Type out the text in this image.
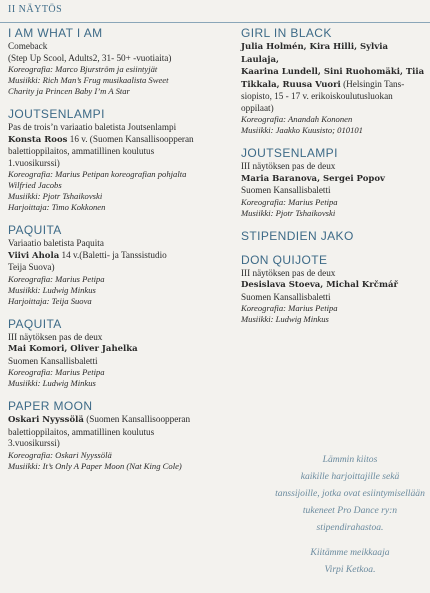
II NÄYTÖS
I AM WHAT I AM
Comeback
(Step Up Scool, Adults2, 31- 50+ -vuotiaita)
Koreografia: Marco Bjurström ja esiintyjät
Musiikki: Rich Man’s Frug musikaalista Sweet
Charity ja Princen Baby I’m A Star
JOUTSENLAMPI
Pas de trois’n variaatio baletista Joutsenlampi
Konsta Roos 16 v. (Suomen Kansallisoopperan
balettioppilaitos, ammatillinen koulutus
1.vuosikurssi)
Koreografia: Marius Petipan koreografian pohjalta
Wilfried Jacobs
Musiikki: Pjotr Tshaikovski
Harjoittaja: Timo Kokkonen
PAQUITA
Variaatio baletista Paquita
Viivi Ahola 14 v.(Baletti- ja Tanssistudio
Teija Suova)
Koreografia: Marius Petipa
Musiikki: Ludwig Minkus
Harjoittaja: Teija Suova
PAQUITA
III näytöksen pas de deux
Mai Komori, Oliver Jahelka
Suomen Kansallisbaletti
Koreografia: Marius Petipa
Musiikki: Ludwig Minkus
PAPER MOON
Oskari Nyyssölä (Suomen Kansallisoopperan
balettioppilaitos, ammatillinen koulutus
3.vuosikurssi)
Koreografia: Oskari Nyyssölä
Musiikki: It’s Only A Paper Moon (Nat King Cole)
GIRL IN BLACK
Julia Holmén, Kira Hilli, Sylvia Laulaja,
Kaarina Lundell, Sini Ruohomäki, Tiia
Tikkala, Ruusa Vuori (Helsingin Tans-
siopisto, 15 - 17 v. erikoiskoulutusluokan
oppilaat)
Koreografia: Anandah Kononen
Musiikki: Jaakko Kuusisto; 010101
JOUTSENLAMPI
III näytöksen pas de deux
Maria Baranova, Sergei Popov
Suomen Kansallisbaletti
Koreografia: Marius Petipa
Musiikki: Pjotr Tshaikovski
STIPENDIEN JAKO
DON QUIJOTE
III näytöksen pas de deux
Desislava Stoeva, Michal Krčmář
Suomen Kansallisbaletti
Koreografia: Marius Petipa
Musiikki: Ludwig Minkus
Lämmin kiitos
kaikille harjoittajille sekä
tanssijoille, jotka ovat esiintymisellään
tukeneet Pro Dance ry:n
stipendirahastoa.
Kiitämme meikkaaja
Virpi Ketkoa.
